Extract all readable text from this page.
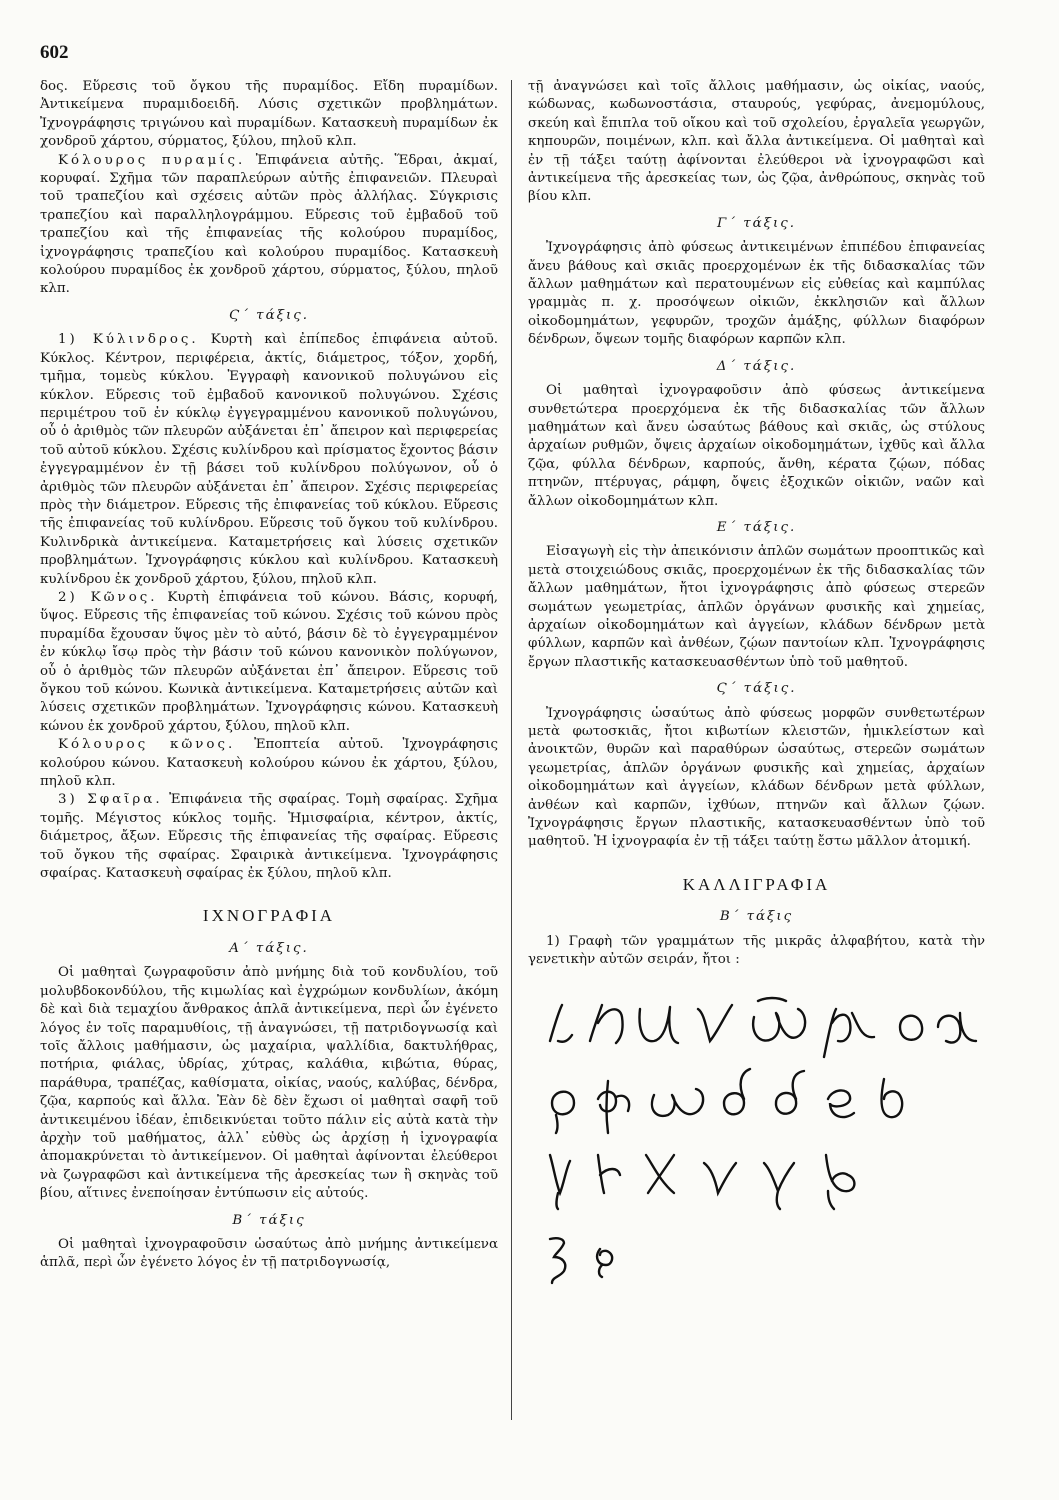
602

δος. Εὕρεσις τοῦ ὄγκου τῆς πυραμίδος. Εἴδη πυραμίδων. Ἀντικείμενα πυραμιδοειδῆ. Λύσις σχετικῶν προβλημάτων. Ἰχνογράφησις τριγώνου καὶ πυραμίδων. Κατασκευὴ πυραμίδων ἐκ χονδροῦ χάρτου, σύρματος, ξύλου, πηλοῦ κλπ.

Κόλουρος πυραμίς. Ἐπιφάνεια αὐτῆς. Ἕδραι, ἀκμαί, κορυφαί. Σχῆμα τῶν παραπλεύρων αὐτῆς ἐπιφανειῶν. Πλευραὶ τοῦ τραπεζίου καὶ σχέσεις αὐτῶν πρὸς ἀλλήλας. Σύγκρισις τραπεζίου καὶ παραλληλογράμμου. Εὕρεσις τοῦ ἐμβαδοῦ τοῦ τραπεζίου καὶ τῆς ἐπιφανείας τῆς κολούρου πυραμίδος, ἰχνογράφησις τραπεζίου καὶ κολούρου πυραμίδος. Κατασκευὴ κολούρου πυραμίδος ἐκ χονδροῦ χάρτου, σύρματος, ξύλου, πηλοῦ κλπ.

Ϛ΄ τάξις.

1) Κύλινδρος. Κυρτὴ καὶ ἐπίπεδος ἐπιφάνεια αὐτοῦ. Κύκλος. Κέντρον, περιφέρεια, ἀκτίς, διάμετρος, τόξον, χορδή, τμῆμα, τομεὺς κύκλου. Ἐγγραφὴ κανονικοῦ πολυγώνου εἰς κύκλον. Εὕρεσις τοῦ ἐμβαδοῦ κανονικοῦ πολυγώνου. Σχέσις περιμέτρου τοῦ ἐν κύκλῳ ἐγγεγραμμένου κανονικοῦ πολυγώνου, οὗ ὁ ἀριθμὸς τῶν πλευρῶν αὐξάνεται ἐπ᾽ ἄπειρον καὶ περιφερείας τοῦ αὐτοῦ κύκλου. Σχέσις κυλίνδρου καὶ πρίσματος ἔχοντος βάσιν ἐγγεγραμμένον ἐν τῇ βάσει τοῦ κυλίνδρου πολύγωνον, οὗ ὁ ἀριθμὸς τῶν πλευρῶν αὐξάνεται ἐπ᾽ ἄπειρον. Σχέσις περιφερείας πρὸς τὴν διάμετρον. Εὕρεσις τῆς ἐπιφανείας τοῦ κύκλου. Εὕρεσις τῆς ἐπιφανείας τοῦ κυλίνδρου. Εὕρεσις τοῦ ὄγκου τοῦ κυλίνδρου. Κυλινδρικὰ ἀντικείμενα. Καταμετρήσεις καὶ λύσεις σχετικῶν προβλημάτων. Ἰχνογράφησις κύκλου καὶ κυλίνδρου. Κατασκευὴ κυλίνδρου ἐκ χονδροῦ χάρτου, ξύλου, πηλοῦ κλπ.

2) Κῶνος. Κυρτὴ ἐπιφάνεια τοῦ κώνου. Βάσις, κορυφή, ὕψος. Εὕρεσις τῆς ἐπιφανείας τοῦ κώνου. Σχέσις τοῦ κώνου πρὸς πυραμίδα ἔχουσαν ὕψος μὲν τὸ αὐτό, βάσιν δὲ τὸ ἐγγεγραμμένον ἐν κύκλῳ ἴσῳ πρὸς τὴν βάσιν τοῦ κώνου κανονικὸν πολύγωνον, οὗ ὁ ἀριθμὸς τῶν πλευρῶν αὐξάνεται ἐπ᾽ ἄπειρον. Εὕρεσις τοῦ ὄγκου τοῦ κώνου. Κωνικὰ ἀντικείμενα. Καταμετρήσεις αὐτῶν καὶ λύσεις σχετικῶν προβλημάτων. Ἰχνογράφησις κώνου. Κατασκευὴ κώνου ἐκ χονδροῦ χάρτου, ξύλου, πηλοῦ κλπ.

Κόλουρος κῶνος. Ἐποπτεία αὐτοῦ. Ἰχνογράφησις κολούρου κώνου. Κατασκευὴ κολούρου κώνου ἐκ χάρτου, ξύλου, πηλοῦ κλπ.

3) Σφαῖρα. Ἐπιφάνεια τῆς σφαίρας. Τομὴ σφαίρας. Σχῆμα τομῆς. Μέγιστος κύκλος τομῆς. Ἡμισφαίρια, κέντρον, ἀκτίς, διάμετρος, ἄξων. Εὕρεσις τῆς ἐπιφανείας τῆς σφαίρας. Εὕρεσις τοῦ ὄγκου τῆς σφαίρας. Σφαιρικὰ ἀντικείμενα. Ἰχνογράφησις σφαίρας. Κατασκευὴ σφαίρας ἐκ ξύλου, πηλοῦ κλπ.

ΙΧΝΟΓΡΑΦΙΑ
Α΄ τάξις.

Οἱ μαθηταὶ ζωγραφοῦσιν ἀπὸ μνήμης διὰ τοῦ κονδυλίου, τοῦ μολυβδοκονδύλου, τῆς κιμωλίας καὶ ἐγχρώμων κονδυλίων, ἀκόμη δὲ καὶ διὰ τεμαχίου ἄνθρακος ἁπλᾶ ἀντικείμενα, περὶ ὧν ἐγένετο λόγος ἐν τοῖς παραμυθίοις, τῇ ἀναγνώσει, τῇ πατριδογνωσίᾳ καὶ τοῖς ἄλλοις μαθήμασιν, ὡς μαχαίρια, ψαλλίδια, δακτυλήθρας, ποτήρια, φιάλας, ὑδρίας, χύτρας, καλάθια, κιβώτια, θύρας, παράθυρα, τραπέζας, καθίσματα, οἰκίας, ναούς, καλύβας, δένδρα, ζῷα, καρπούς καὶ ἄλλα. Ἐὰν δὲ δὲν ἔχωσι οἱ μαθηταὶ σαφῆ τοῦ ἀντικειμένου ἰδέαν, ἐπιδεικνύεται τοῦτο πάλιν εἰς αὐτὰ κατὰ τὴν ἀρχὴν τοῦ μαθήματος, ἀλλ᾽ εὐθὺς ὡς ἀρχίσῃ ἡ ἰχνογραφία ἀπομακρύνεται τὸ ἀντικείμενον. Οἱ μαθηταὶ ἀφίνονται ἐλεύθεροι νὰ ζωγραφῶσι καὶ ἀντικείμενα τῆς ἀρεσκείας των ἢ σκηνὰς τοῦ βίου, αἵτινες ἐνεποίησαν ἐντύπωσιν εἰς αὐτούς.

Β΄ τάξις

Οἱ μαθηταὶ ἰχνογραφοῦσιν ὡσαύτως ἀπὸ μνήμης ἀντικείμενα ἁπλᾶ, περὶ ὧν ἐγένετο λόγος ἐν τῇ πατριδογνωσίᾳ,

τῇ ἀναγνώσει καὶ τοῖς ἄλλοις μαθήμασιν, ὡς οἰκίας, ναούς, κώδωνας, κωδωνοστάσια, σταυρούς, γεφύρας, ἀνεμομύλους, σκεύη καὶ ἔπιπλα τοῦ οἴκου καὶ τοῦ σχολείου, ἐργαλεῖα γεωργῶν, κηπουρῶν, ποιμένων, κλπ. καὶ ἄλλα ἀντικείμενα. Οἱ μαθηταὶ καὶ ἐν τῇ τάξει ταύτῃ ἀφίνονται ἐλεύθεροι νὰ ἰχνογραφῶσι καὶ ἀντικείμενα τῆς ἀρεσκείας των, ὡς ζῷα, ἀνθρώπους, σκηνὰς τοῦ βίου κλπ.

Γ΄ τάξις.

Ἰχνογράφησις ἀπὸ φύσεως ἀντικειμένων ἐπιπέδου ἐπιφανείας ἄνευ βάθους καὶ σκιᾶς προερχομένων ἐκ τῆς διδασκαλίας τῶν ἄλλων μαθημάτων καὶ περατουμένων εἰς εὐθείας καὶ καμπύλας γραμμὰς π. χ. προσόψεων οἰκιῶν, ἐκκλησιῶν καὶ ἄλλων οἰκοδομημάτων, γεφυρῶν, τροχῶν ἁμάξης, φύλλων διαφόρων δένδρων, ὄψεων τομῆς διαφόρων καρπῶν κλπ.

Δ΄ τάξις.

Οἱ μαθηταὶ ἰχνογραφοῦσιν ἀπὸ φύσεως ἀντικείμενα συνθετώτερα προερχόμενα ἐκ τῆς διδασκαλίας τῶν ἄλλων μαθημάτων καὶ ἄνευ ὡσαύτως βάθους καὶ σκιᾶς, ὡς στύλους ἀρχαίων ρυθμῶν, ὄψεις ἀρχαίων οἰκοδομημάτων, ἰχθῦς καὶ ἄλλα ζῷα, φύλλα δένδρων, καρπούς, ἄνθη, κέρατα ζῴων, πόδας πτηνῶν, πτέρυγας, ράμφη, ὄψεις ἐξοχικῶν οἰκιῶν, ναῶν καὶ ἄλλων οἰκοδομημάτων κλπ.

Ε΄ τάξις.

Εἰσαγωγὴ εἰς τὴν ἀπεικόνισιν ἁπλῶν σωμάτων προοπτικῶς καὶ μετὰ στοιχειώδους σκιᾶς, προερχομένων ἐκ τῆς διδασκαλίας τῶν ἄλλων μαθημάτων, ἤτοι ἰχνογράφησις ἀπὸ φύσεως στερεῶν σωμάτων γεωμετρίας, ἁπλῶν ὀργάνων φυσικῆς καὶ χημείας, ἀρχαίων οἰκοδομημάτων καὶ ἀγγείων, κλάδων δένδρων μετὰ φύλλων, καρπῶν καὶ ἀνθέων, ζῴων παντοίων κλπ. Ἰχνογράφησις ἔργων πλαστικῆς κατασκευασθέντων ὑπὸ τοῦ μαθητοῦ.

Ϛ΄ τάξις.

Ἰχνογράφησις ὡσαύτως ἀπὸ φύσεως μορφῶν συνθετωτέρων μετὰ φωτοσκιᾶς, ἤτοι κιβωτίων κλειστῶν, ἡμικλείστων καὶ ἀνοικτῶν, θυρῶν καὶ παραθύρων ὡσαύτως, στερεῶν σωμάτων γεωμετρίας, ἁπλῶν ὀργάνων φυσικῆς καὶ χημείας, ἀρχαίων οἰκοδομημάτων καὶ ἀγγείων, κλάδων δένδρων μετὰ φύλλων, ἀνθέων καὶ καρπῶν, ἰχθύων, πτηνῶν καὶ ἄλλων ζῴων. Ἰχνογράφησις ἔργων πλαστικῆς, κατασκευασθέντων ὑπὸ τοῦ μαθητοῦ. Ἡ ἰχνογραφία ἐν τῇ τάξει ταύτῃ ἔστω μᾶλλον ἀτομική.

ΚΑΛΛΙΓΡΑΦΙΑ
Β΄ τάξις

1) Γραφὴ τῶν γραμμάτων τῆς μικρᾶς ἀλφαβήτου, κατὰ τὴν γενετικὴν αὐτῶν σειράν, ἤτοι :
